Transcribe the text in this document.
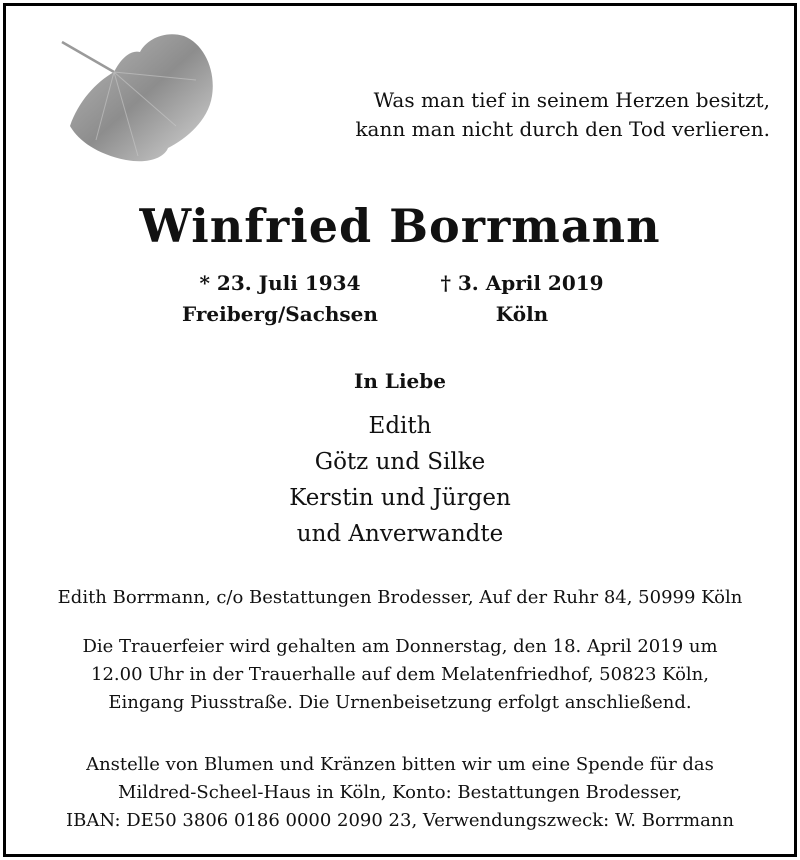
Was man tief in seinem Herzen besitzt,
kann man nicht durch den Tod verlieren.
Winfried Borrmann
* 23. Juli 1934
Freiberg/Sachsen
† 3. April 2019
Köln
In Liebe
Edith
Götz und Silke
Kerstin und Jürgen
und Anverwandte
Edith Borrmann, c/o Bestattungen Brodesser, Auf der Ruhr 84, 50999 Köln
Die Trauerfeier wird gehalten am Donnerstag, den 18. April 2019 um
12.00 Uhr in der Trauerhalle auf dem Melatenfriedhof, 50823 Köln,
Eingang Piusstraße. Die Urnenbeisetzung erfolgt anschließend.
Anstelle von Blumen und Kränzen bitten wir um eine Spende für das
Mildred-Scheel-Haus in Köln, Konto: Bestattungen Brodesser,
IBAN: DE50 3806 0186 0000 2090 23, Verwendungszweck: W. Borrmann
